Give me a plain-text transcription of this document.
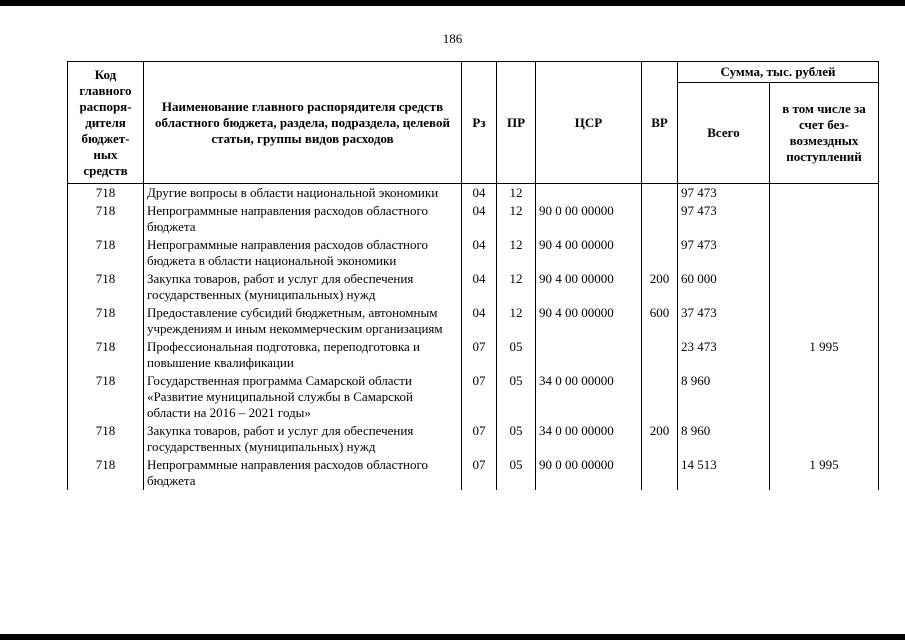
186
Код главного распоря-дителя бюджет-ных средств	Наименование главного распорядителя средств областного бюджета, раздела, подраздела, целевой статьи, группы видов расходов	Рз	ПР	ЦСР	ВР	Сумма, тыс. рублей	
						Всего	в том числе за счет без-возмездных поступлений
718	Другие вопросы в области национальной экономики	04	12			97 473	
718	Непрограммные направления расходов областного бюджета	04	12	90 0 00 00000		97 473	
718	Непрограммные направления расходов областного бюджета в области национальной экономики	04	12	90 4 00 00000		97 473	
718	Закупка товаров, работ и услуг для обеспечения государственных (муниципальных) нужд	04	12	90 4 00 00000	200	60 000	
718	Предоставление субсидий бюджетным, автономным учреждениям и иным некоммерческим организациям	04	12	90 4 00 00000	600	37 473	
718	Профессиональная подготовка, переподготовка и повышение квалификации	07	05			23 473	1 995
718	Государственная программа Самарской области «Развитие муниципальной службы в Самарской области на 2016 – 2021 годы»	07	05	34 0 00 00000		8 960	
718	Закупка товаров, работ и услуг для обеспечения государственных (муниципальных) нужд	07	05	34 0 00 00000	200	8 960	
718	Непрограммные направления расходов областного бюджета	07	05	90 0 00 00000		14 513	1 995
